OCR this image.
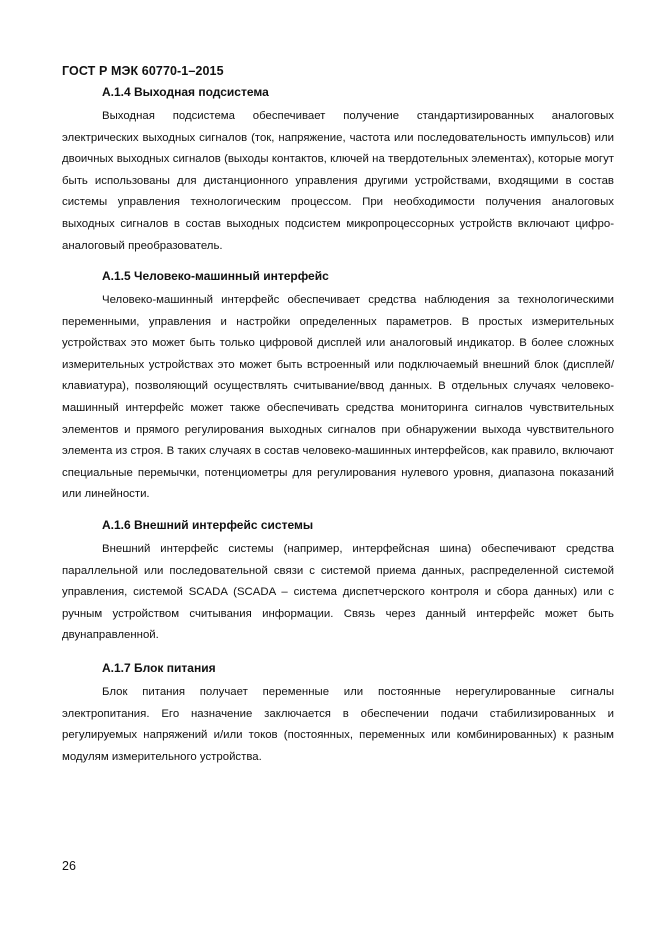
ГОСТ Р МЭК 60770-1–2015
А.1.4 Выходная подсистема

Выходная подсистема обеспечивает получение стандартизированных аналоговых электрических выходных сигналов (ток, напряжение, частота или последовательность импульсов) или двоичных выходных сигналов (выходы контактов, ключей на твердотельных элементах), которые могут быть использованы для дистанционного управления другими устройствами, входящими в состав системы управления технологическим процессом. При необходимости получения аналоговых выходных сигналов в состав выходных подсистем микропроцессорных устройств включают цифро-аналоговый преобразователь.

А.1.5 Человеко-машинный интерфейс

Человеко-машинный интерфейс обеспечивает средства наблюдения за технологическими переменными, управления и настройки определенных параметров. В простых измерительных устройствах это может быть только цифровой дисплей или аналоговый индикатор. В более сложных измерительных устройствах это может быть встроенный или подключаемый внешний блок (дисплей/клавиатура), позволяющий осуществлять считывание/ввод данных. В отдельных случаях человеко-машинный интерфейс может также обеспечивать средства мониторинга сигналов чувствительных элементов и прямого регулирования выходных сигналов при обнаружении выхода чувствительного элемента из строя. В таких случаях в состав человеко-машинных интерфейсов, как правило, включают специальные перемычки, потенциометры для регулирования нулевого уровня, диапазона показаний или линейности.

А.1.6 Внешний интерфейс системы

Внешний интерфейс системы (например, интерфейсная шина) обеспечивают средства параллельной или последовательной связи с системой приема данных, распределенной системой управления, системой SCADA (SCADA – система диспетчерского контроля и сбора данных) или с ручным устройством считывания информации. Связь через данный интерфейс может быть двунаправленной.

А.1.7 Блок питания

Блок питания получает переменные или постоянные нерегулированные сигналы электропитания. Его назначение заключается в обеспечении подачи стабилизированных и регулируемых напряжений и/или токов (постоянных, переменных или комбинированных) к разным модулям измерительного устройства.

26
